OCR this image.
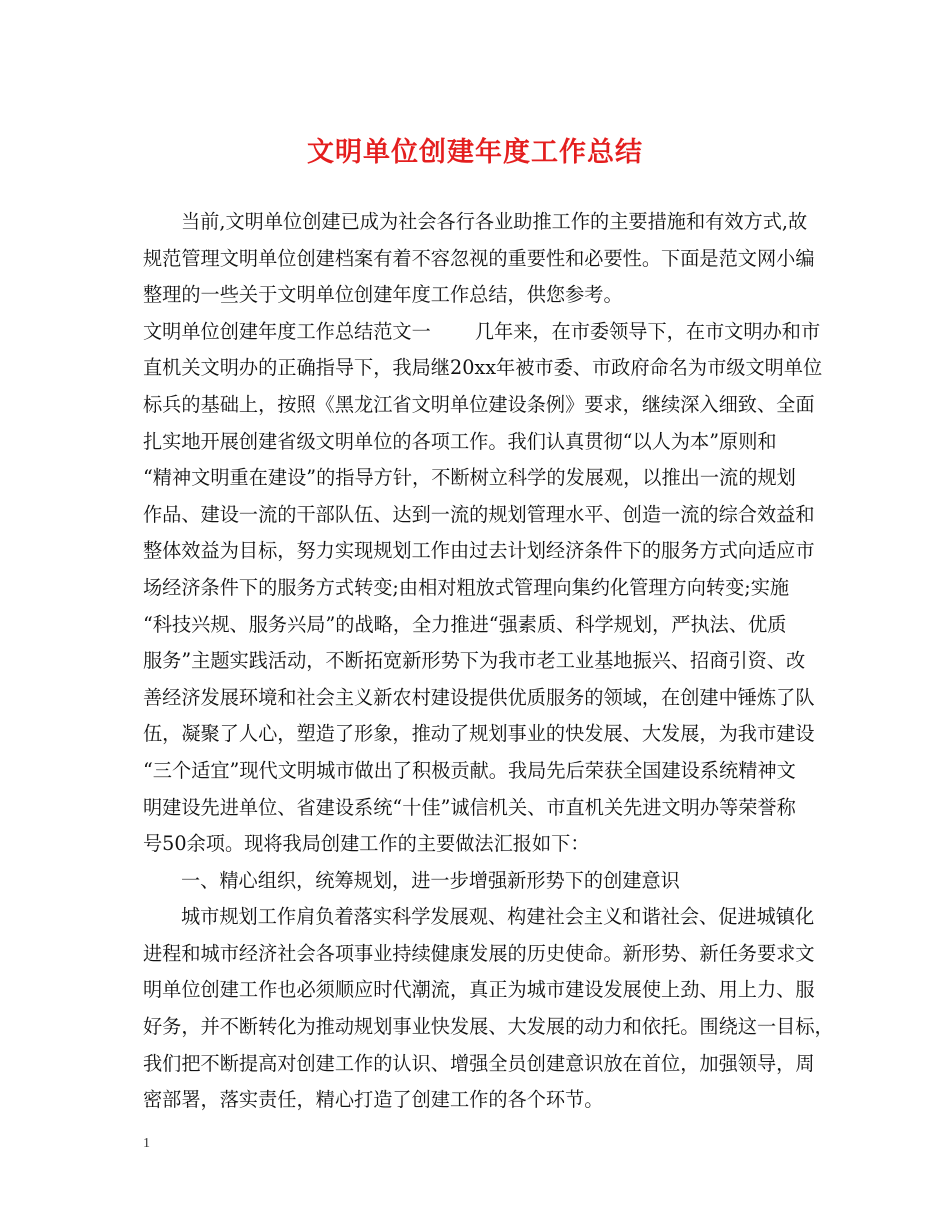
文明单位创建年度工作总结
当前,文明单位创建已成为社会各行各业助推工作的主要措施和有效方式,故
规范管理文明单位创建档案有着不容忽视的重要性和必要性。下面是范文网小编
整理的一些关于文明单位创建年度工作总结，供您参考。
文明单位创建年度工作总结范文一 几年来，在市委领导下，在市文明办和市
直机关文明办的正确指导下，我局继20xx年被市委、市政府命名为市级文明单位
标兵的基础上，按照《黑龙江省文明单位建设条例》要求，继续深入细致、全面
扎实地开展创建省级文明单位的各项工作。我们认真贯彻“以人为本”原则和
“精神文明重在建设”的指导方针，不断树立科学的发展观，以推出一流的规划
作品、建设一流的干部队伍、达到一流的规划管理水平、创造一流的综合效益和
整体效益为目标，努力实现规划工作由过去计划经济条件下的服务方式向适应市
场经济条件下的服务方式转变;由相对粗放式管理向集约化管理方向转变;实施
“科技兴规、服务兴局”的战略，全力推进“强素质、科学规划，严执法、优质
服务”主题实践活动，不断拓宽新形势下为我市老工业基地振兴、招商引资、改
善经济发展环境和社会主义新农村建设提供优质服务的领域，在创建中锤炼了队
伍，凝聚了人心，塑造了形象，推动了规划事业的快发展、大发展，为我市建设
“三个适宜”现代文明城市做出了积极贡献。我局先后荣获全国建设系统精神文
明建设先进单位、省建设系统“十佳”诚信机关、市直机关先进文明办等荣誉称
号50余项。现将我局创建工作的主要做法汇报如下：
一、精心组织，统筹规划，进一步增强新形势下的创建意识
城市规划工作肩负着落实科学发展观、构建社会主义和谐社会、促进城镇化
进程和城市经济社会各项事业持续健康发展的历史使命。新形势、新任务要求文
明单位创建工作也必须顺应时代潮流，真正为城市建设发展使上劲、用上力、服
好务，并不断转化为推动规划事业快发展、大发展的动力和依托。围绕这一目标，
我们把不断提高对创建工作的认识、增强全员创建意识放在首位，加强领导，周
密部署，落实责任，精心打造了创建工作的各个环节。
1
